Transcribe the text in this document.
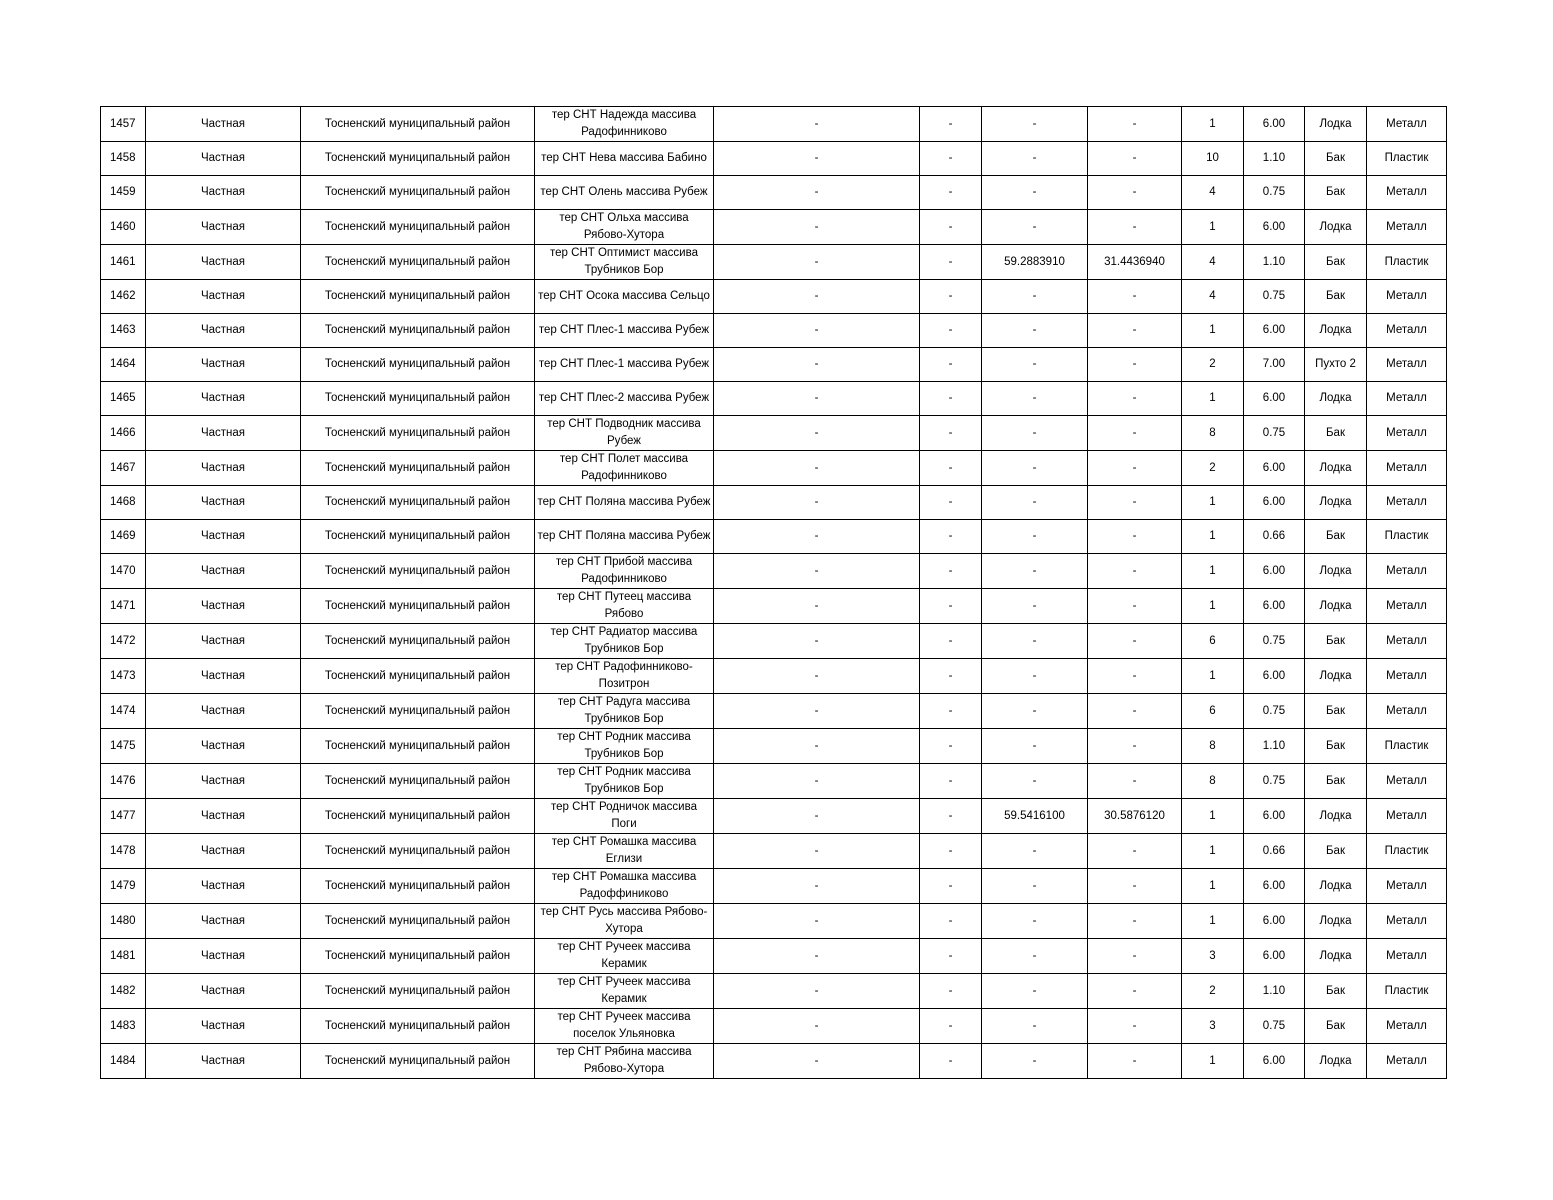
1457	Частная	Тосненский муниципальный район	тер СНТ Надежда массива Радофинниково	-	-	-	-	1	6.00	Лодка	Металл
1458	Частная	Тосненский муниципальный район	тер СНТ Нева массива Бабино	-	-	-	-	10	1.10	Бак	Пластик
1459	Частная	Тосненский муниципальный район	тер СНТ Олень массива Рубеж	-	-	-	-	4	0.75	Бак	Металл
1460	Частная	Тосненский муниципальный район	тер СНТ Ольха массива Рябово-Хутора	-	-	-	-	1	6.00	Лодка	Металл
1461	Частная	Тосненский муниципальный район	тер СНТ Оптимист массива Трубников Бор	-	-	59.2883910	31.4436940	4	1.10	Бак	Пластик
1462	Частная	Тосненский муниципальный район	тер СНТ Осока массива Сельцо	-	-	-	-	4	0.75	Бак	Металл
1463	Частная	Тосненский муниципальный район	тер СНТ Плес-1 массива Рубеж	-	-	-	-	1	6.00	Лодка	Металл
1464	Частная	Тосненский муниципальный район	тер СНТ Плес-1 массива Рубеж	-	-	-	-	2	7.00	Пухто 2	Металл
1465	Частная	Тосненский муниципальный район	тер СНТ Плес-2 массива Рубеж	-	-	-	-	1	6.00	Лодка	Металл
1466	Частная	Тосненский муниципальный район	тер СНТ Подводник массива Рубеж	-	-	-	-	8	0.75	Бак	Металл
1467	Частная	Тосненский муниципальный район	тер СНТ Полет массива Радофинниково	-	-	-	-	2	6.00	Лодка	Металл
1468	Частная	Тосненский муниципальный район	тер СНТ Поляна массива Рубеж	-	-	-	-	1	6.00	Лодка	Металл
1469	Частная	Тосненский муниципальный район	тер СНТ Поляна массива Рубеж	-	-	-	-	1	0.66	Бак	Пластик
1470	Частная	Тосненский муниципальный район	тер СНТ Прибой массива Радофинниково	-	-	-	-	1	6.00	Лодка	Металл
1471	Частная	Тосненский муниципальный район	тер СНТ Путеец массива Рябово	-	-	-	-	1	6.00	Лодка	Металл
1472	Частная	Тосненский муниципальный район	тер СНТ Радиатор массива Трубников Бор	-	-	-	-	6	0.75	Бак	Металл
1473	Частная	Тосненский муниципальный район	тер СНТ Радофинниково-Позитрон	-	-	-	-	1	6.00	Лодка	Металл
1474	Частная	Тосненский муниципальный район	тер СНТ Радуга массива Трубников Бор	-	-	-	-	6	0.75	Бак	Металл
1475	Частная	Тосненский муниципальный район	тер СНТ Родник массива Трубников Бор	-	-	-	-	8	1.10	Бак	Пластик
1476	Частная	Тосненский муниципальный район	тер СНТ Родник массива Трубников Бор	-	-	-	-	8	0.75	Бак	Металл
1477	Частная	Тосненский муниципальный район	тер СНТ Родничок массива Поги	-	-	59.5416100	30.5876120	1	6.00	Лодка	Металл
1478	Частная	Тосненский муниципальный район	тер СНТ Ромашка массива Еглизи	-	-	-	-	1	0.66	Бак	Пластик
1479	Частная	Тосненский муниципальный район	тер СНТ Ромашка массива Радоффиниково	-	-	-	-	1	6.00	Лодка	Металл
1480	Частная	Тосненский муниципальный район	тер СНТ Русь массива Рябово-Хутора	-	-	-	-	1	6.00	Лодка	Металл
1481	Частная	Тосненский муниципальный район	тер СНТ Ручеек массива Керамик	-	-	-	-	3	6.00	Лодка	Металл
1482	Частная	Тосненский муниципальный район	тер СНТ Ручеек массива Керамик	-	-	-	-	2	1.10	Бак	Пластик
1483	Частная	Тосненский муниципальный район	тер СНТ Ручеек массива поселок Ульяновка	-	-	-	-	3	0.75	Бак	Металл
1484	Частная	Тосненский муниципальный район	тер СНТ Рябина массива Рябово-Хутора	-	-	-	-	1	6.00	Лодка	Металл
